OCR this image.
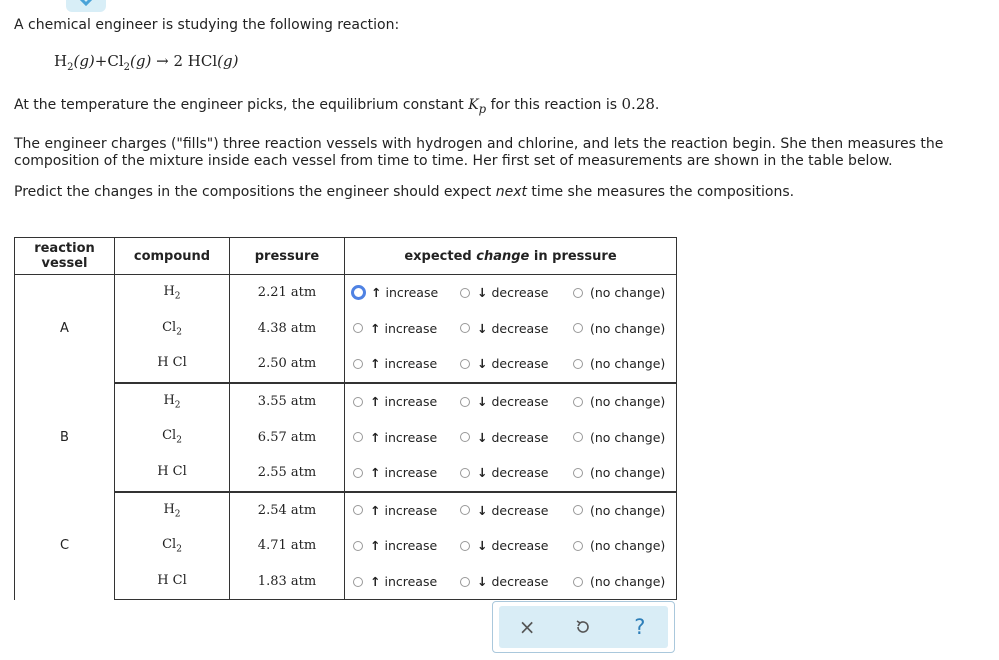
A chemical engineer is studying the following reaction:

$H_2(g)+Cl_2(g) \to 2$ HCl(g)

At the temperature the engineer picks, the equilibrium constant $K_p$ for this reaction is 0.28.

The engineer charges ("fills") three reaction vessels with hydrogen and chlorine, and lets the reaction begin. She then measures the composition of the mixture inside each vessel from time to time. Her first set of measurements are shown in the table below.

Predict the changes in the compositions the engineer should expect next time she measures the compositions.

reaction
vessel	compound	pressure	expected change in pressure
A	$H_2$	2.21 atm	↑ increase ↓ decrease (no change)

	$Cl_2$	4.38 atm	↑ increase ↓ decrease (no change)

	H Cl	2.50 atm	↑ increase ↓ decrease (no change)

B	$H_2$	3.55 atm	↑ increase ↓ decrease (no change)

	$Cl_2$	6.57 atm	↑ increase ↓ decrease (no change)

	H Cl	2.55 atm	↑ increase ↓ decrease (no change)

C	$H_2$	2.54 atm	↑ increase ↓ decrease (no change)

	$Cl_2$	4.71 atm	↑ increase ↓ decrease (no change)

	H Cl	1.83 atm	↑ increase ↓ decrease (no change)
×	?
